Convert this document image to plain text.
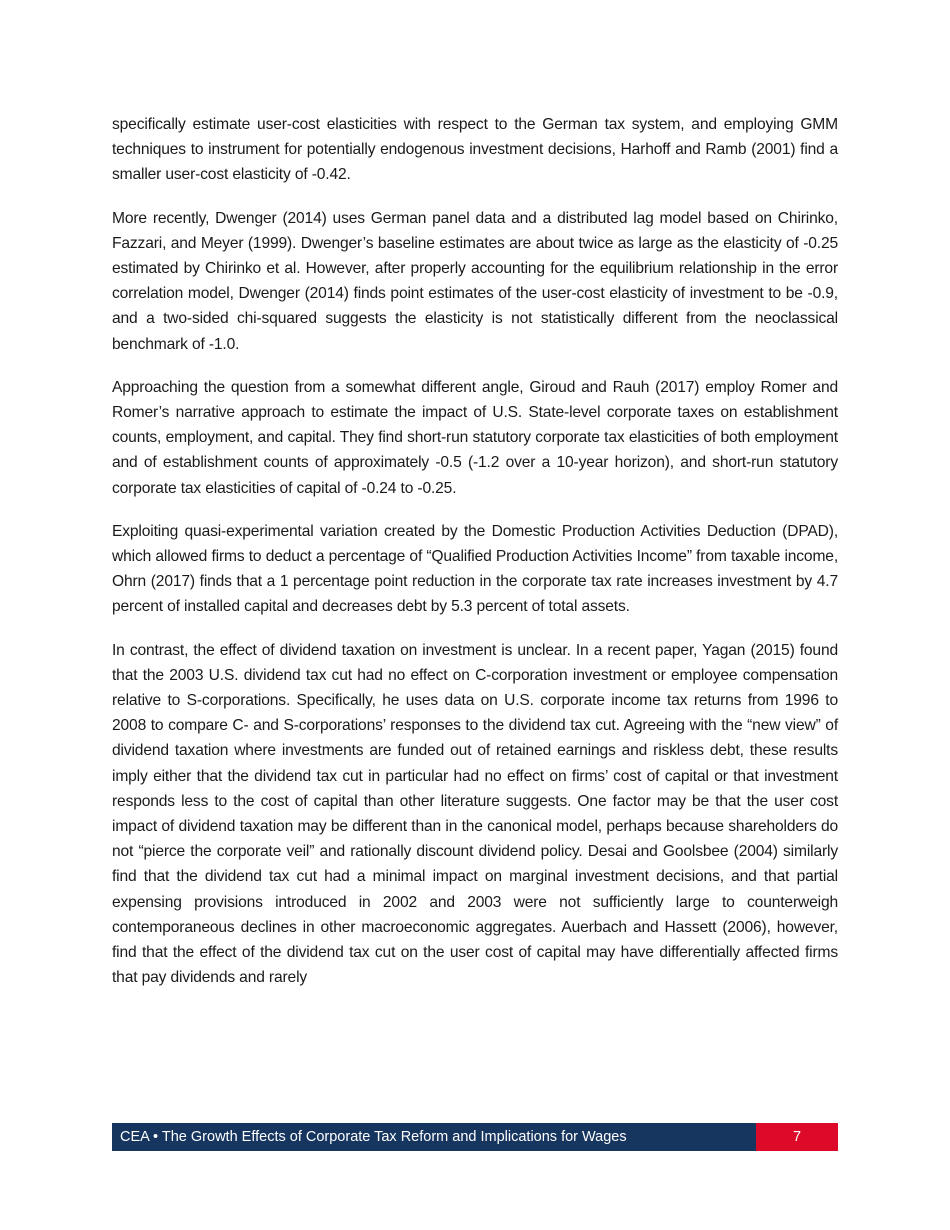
specifically estimate user-cost elasticities with respect to the German tax system, and employing GMM techniques to instrument for potentially endogenous investment decisions, Harhoff and Ramb (2001) find a smaller user-cost elasticity of -0.42.

More recently, Dwenger (2014) uses German panel data and a distributed lag model based on Chirinko, Fazzari, and Meyer (1999). Dwenger’s baseline estimates are about twice as large as the elasticity of -0.25 estimated by Chirinko et al. However, after properly accounting for the equilibrium relationship in the error correlation model, Dwenger (2014) finds point estimates of the user-cost elasticity of investment to be -0.9, and a two-sided chi-squared suggests the elasticity is not statistically different from the neoclassical benchmark of -1.0.

Approaching the question from a somewhat different angle, Giroud and Rauh (2017) employ Romer and Romer’s narrative approach to estimate the impact of U.S. State-level corporate taxes on establishment counts, employment, and capital. They find short-run statutory corporate tax elasticities of both employment and of establishment counts of approximately -0.5 (-1.2 over a 10-year horizon), and short-run statutory corporate tax elasticities of capital of -0.24 to -0.25.

Exploiting quasi-experimental variation created by the Domestic Production Activities Deduction (DPAD), which allowed firms to deduct a percentage of “Qualified Production Activities Income” from taxable income, Ohrn (2017) finds that a 1 percentage point reduction in the corporate tax rate increases investment by 4.7 percent of installed capital and decreases debt by 5.3 percent of total assets.

In contrast, the effect of dividend taxation on investment is unclear. In a recent paper, Yagan (2015) found that the 2003 U.S. dividend tax cut had no effect on C-corporation investment or employee compensation relative to S-corporations. Specifically, he uses data on U.S. corporate income tax returns from 1996 to 2008 to compare C- and S-corporations’ responses to the dividend tax cut. Agreeing with the “new view” of dividend taxation where investments are funded out of retained earnings and riskless debt, these results imply either that the dividend tax cut in particular had no effect on firms’ cost of capital or that investment responds less to the cost of capital than other literature suggests. One factor may be that the user cost impact of dividend taxation may be different than in the canonical model, perhaps because shareholders do not “pierce the corporate veil” and rationally discount dividend policy. Desai and Goolsbee (2004) similarly find that the dividend tax cut had a minimal impact on marginal investment decisions, and that partial expensing provisions introduced in 2002 and 2003 were not sufficiently large to counterweigh contemporaneous declines in other macroeconomic aggregates. Auerbach and Hassett (2006), however, find that the effect of the dividend tax cut on the user cost of capital may have differentially affected firms that pay dividends and rarely

CEA • The Growth Effects of Corporate Tax Reform and Implications for Wages	7
